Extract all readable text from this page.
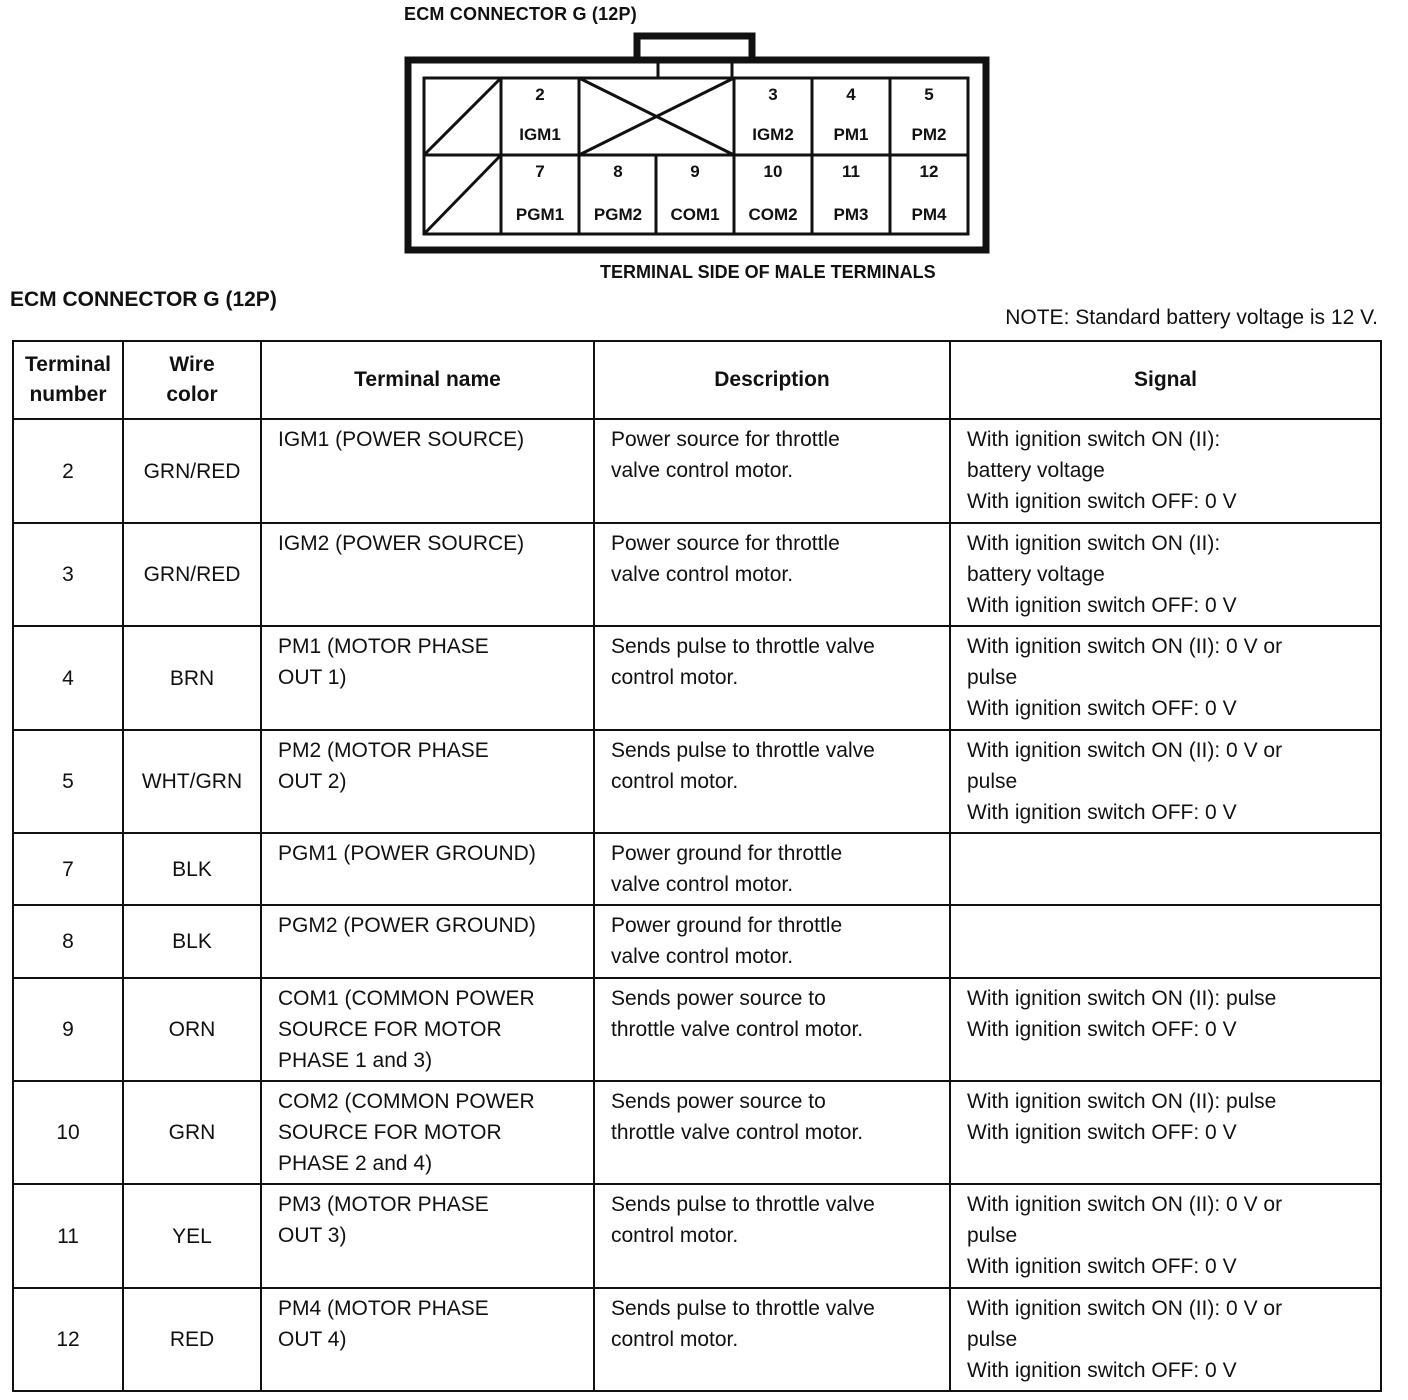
ECM CONNECTOR G (12P)
2
IGM1
3
IGM2
4
PM1
5
PM2
7
PGM1
8
PGM2
9
COM1
10
COM2
11
PM3
12
PM4
TERMINAL SIDE OF MALE TERMINALS
ECM CONNECTOR G (12P)
NOTE: Standard battery voltage is 12 V.
Terminal
number	Wire
color	Terminal name	Description	Signal
2	GRN/RED	IGM1 (POWER SOURCE)	Power source for throttle
valve control motor.	With ignition switch ON (II):
battery voltage
With ignition switch OFF: 0 V

3	GRN/RED	IGM2 (POWER SOURCE)	Power source for throttle
valve control motor.	With ignition switch ON (II):
battery voltage
With ignition switch OFF: 0 V

4	BRN	PM1 (MOTOR PHASE
OUT 1)	Sends pulse to throttle valve
control motor.	With ignition switch ON (II): 0 V or
pulse
With ignition switch OFF: 0 V

5	WHT/GRN	PM2 (MOTOR PHASE
OUT 2)	Sends pulse to throttle valve
control motor.	With ignition switch ON (II): 0 V or
pulse
With ignition switch OFF: 0 V

7	BLK	PGM1 (POWER GROUND)	Power ground for throttle
valve control motor.	

8	BLK	PGM2 (POWER GROUND)	Power ground for throttle
valve control motor.	

9	ORN	COM1 (COMMON POWER
SOURCE FOR MOTOR
PHASE 1 and 3)	Sends power source to
throttle valve control motor.	With ignition switch ON (II): pulse
With ignition switch OFF: 0 V

10	GRN	COM2 (COMMON POWER
SOURCE FOR MOTOR
PHASE 2 and 4)	Sends power source to
throttle valve control motor.	With ignition switch ON (II): pulse
With ignition switch OFF: 0 V

11	YEL	PM3 (MOTOR PHASE
OUT 3)	Sends pulse to throttle valve
control motor.	With ignition switch ON (II): 0 V or
pulse
With ignition switch OFF: 0 V

12	RED	PM4 (MOTOR PHASE
OUT 4)	Sends pulse to throttle valve
control motor.	With ignition switch ON (II): 0 V or
pulse
With ignition switch OFF: 0 V
